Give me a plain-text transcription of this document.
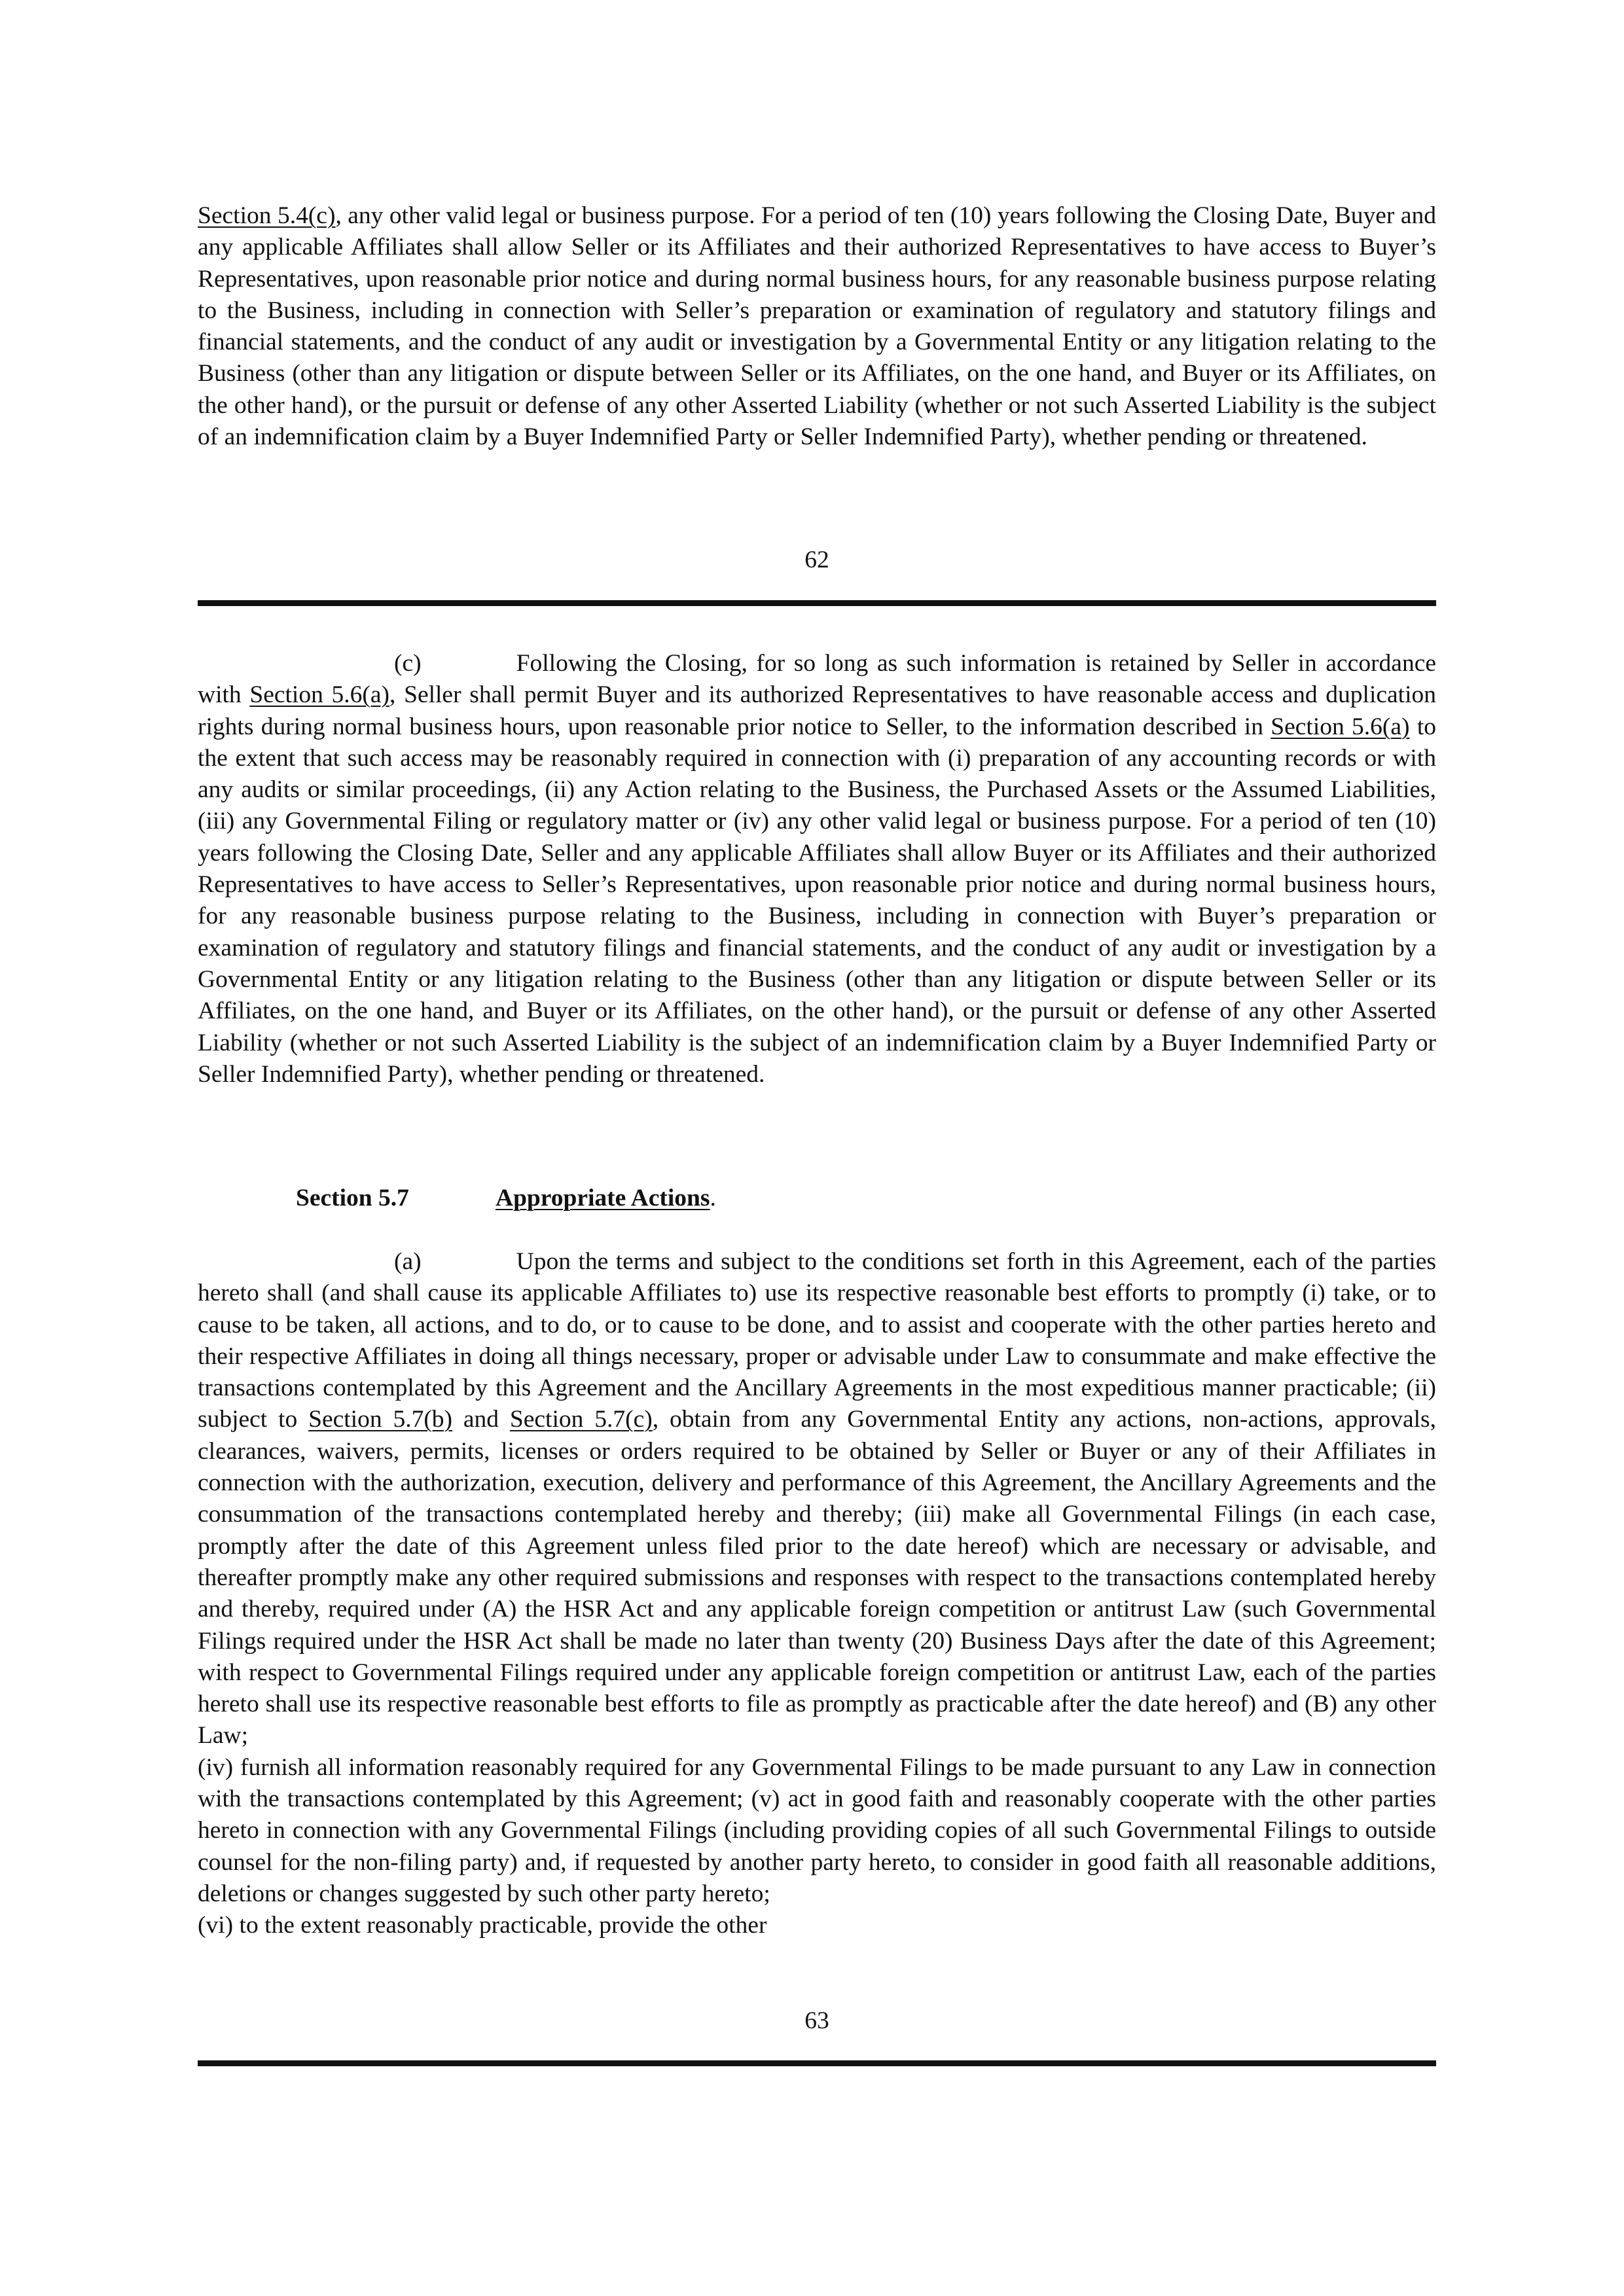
Section 5.4(c), any other valid legal or business purpose. For a period of ten (10) years following the Closing Date, Buyer and any applicable Affiliates shall allow Seller or its Affiliates and their authorized Representatives to have access to Buyer’s Representatives, upon reasonable prior notice and during normal business hours, for any reasonable business purpose relating to the Business, including in connection with Seller’s preparation or examination of regulatory and statutory filings and financial statements, and the conduct of any audit or investigation by a Governmental Entity or any litigation relating to the Business (other than any litigation or dispute between Seller or its Affiliates, on the one hand, and Buyer or its Affiliates, on the other hand), or the pursuit or defense of any other Asserted Liability (whether or not such Asserted Liability is the subject of an indemnification claim by a Buyer Indemnified Party or Seller Indemnified Party), whether pending or threatened.

62

(c)	Following the Closing, for so long as such information is retained by Seller in accordance with Section 5.6(a), Seller shall permit Buyer and its authorized Representatives to have reasonable access and duplication rights during normal business hours, upon reasonable prior notice to Seller, to the information described in Section 5.6(a) to the extent that such access may be reasonably required in connection with (i) preparation of any accounting records or with any audits or similar proceedings, (ii) any Action relating to the Business, the Purchased Assets or the Assumed Liabilities, (iii) any Governmental Filing or regulatory matter or (iv) any other valid legal or business purpose. For a period of ten (10) years following the Closing Date, Seller and any applicable Affiliates shall allow Buyer or its Affiliates and their authorized Representatives to have access to Seller’s Representatives, upon reasonable prior notice and during normal business hours, for any reasonable business purpose relating to the Business, including in connection with Buyer’s preparation or examination of regulatory and statutory filings and financial statements, and the conduct of any audit or investigation by a Governmental Entity or any litigation relating to the Business (other than any litigation or dispute between Seller or its Affiliates, on the one hand, and Buyer or its Affiliates, on the other hand), or the pursuit or defense of any other Asserted Liability (whether or not such Asserted Liability is the subject of an indemnification claim by a Buyer Indemnified Party or Seller Indemnified Party), whether pending or threatened.

Section 5.7	Appropriate Actions.

(a)	Upon the terms and subject to the conditions set forth in this Agreement, each of the parties hereto shall (and shall cause its applicable Affiliates to) use its respective reasonable best efforts to promptly (i) take, or to cause to be taken, all actions, and to do, or to cause to be done, and to assist and cooperate with the other parties hereto and their respective Affiliates in doing all things necessary, proper or advisable under Law to consummate and make effective the transactions contemplated by this Agreement and the Ancillary Agreements in the most expeditious manner practicable; (ii) subject to Section 5.7(b) and Section 5.7(c), obtain from any Governmental Entity any actions, non-actions, approvals, clearances, waivers, permits, licenses or orders required to be obtained by Seller or Buyer or any of their Affiliates in connection with the authorization, execution, delivery and performance of this Agreement, the Ancillary Agreements and the consummation of the transactions contemplated hereby and thereby; (iii) make all Governmental Filings (in each case, promptly after the date of this Agreement unless filed prior to the date hereof) which are necessary or advisable, and thereafter promptly make any other required submissions and responses with respect to the transactions contemplated hereby and thereby, required under (A) the HSR Act and any applicable foreign competition or antitrust Law (such Governmental Filings required under the HSR Act shall be made no later than twenty (20) Business Days after the date of this Agreement; with respect to Governmental Filings required under any applicable foreign competition or antitrust Law, each of the parties hereto shall use its respective reasonable best efforts to file as promptly as practicable after the date hereof) and (B) any other Law;

(iv) furnish all information reasonably required for any Governmental Filings to be made pursuant to any Law in connection with the transactions contemplated by this Agreement; (v) act in good faith and reasonably cooperate with the other parties hereto in connection with any Governmental Filings (including providing copies of all such Governmental Filings to outside counsel for the non-filing party) and, if requested by another party hereto, to consider in good faith all reasonable additions, deletions or changes suggested by such other party hereto;

(vi) to the extent reasonably practicable, provide the other

63
